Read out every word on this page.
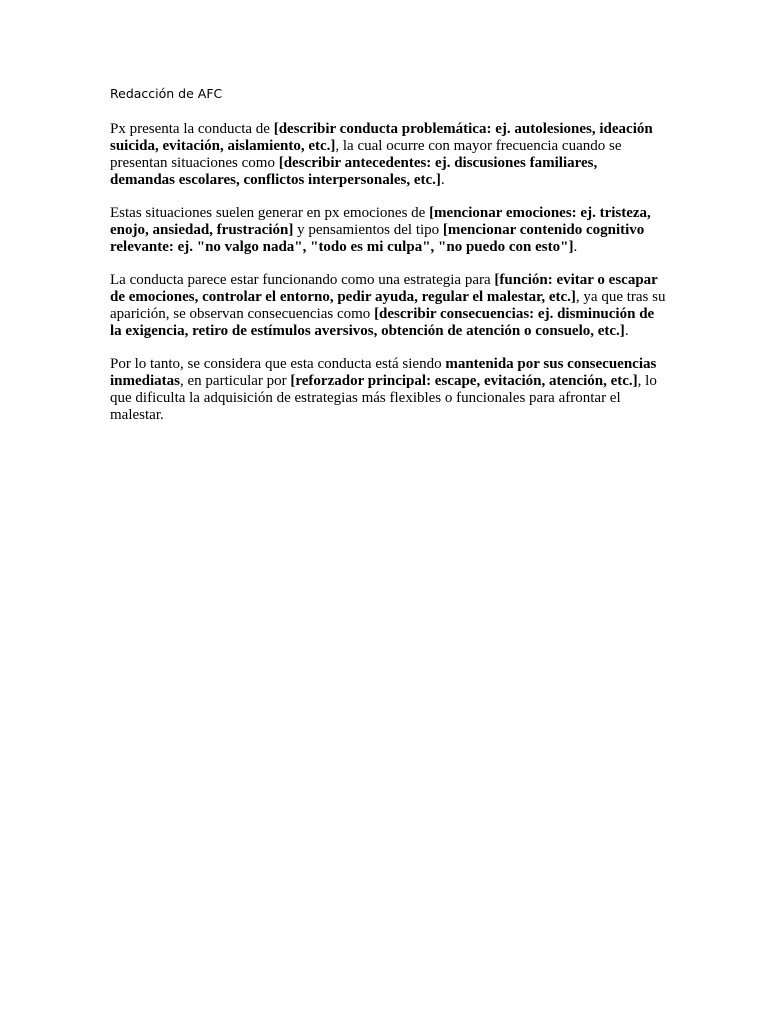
Redacción de AFC

Px presenta la conducta de [describir conducta problemática: ej. autolesiones, ideación suicida, evitación, aislamiento, etc.], la cual ocurre con mayor frecuencia cuando se presentan situaciones como [describir antecedentes: ej. discusiones familiares, demandas escolares, conflictos interpersonales, etc.].

Estas situaciones suelen generar en px emociones de [mencionar emociones: ej. tristeza, enojo, ansiedad, frustración] y pensamientos del tipo [mencionar contenido cognitivo relevante: ej. "no valgo nada", "todo es mi culpa", "no puedo con esto"].

La conducta parece estar funcionando como una estrategia para [función: evitar o escapar de emociones, controlar el entorno, pedir ayuda, regular el malestar, etc.], ya que tras su aparición, se observan consecuencias como [describir consecuencias: ej. disminución de la exigencia, retiro de estímulos aversivos, obtención de atención o consuelo, etc.].

Por lo tanto, se considera que esta conducta está siendo mantenida por sus consecuencias inmediatas, en particular por [reforzador principal: escape, evitación, atención, etc.], lo que dificulta la adquisición de estrategias más flexibles o funcionales para afrontar el malestar.
